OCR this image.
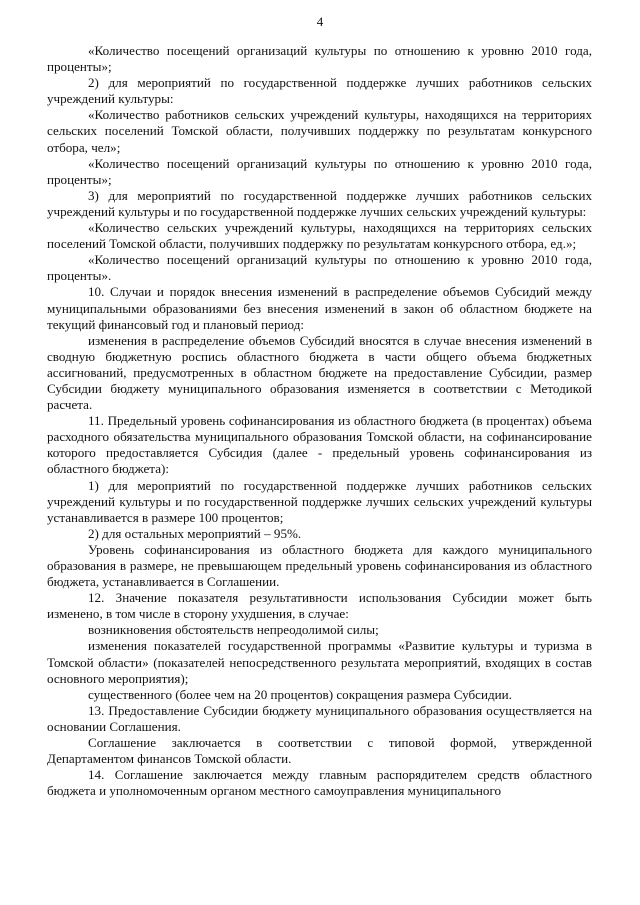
4

«Количество посещений организаций культуры по отношению к уровню 2010 года, проценты»;

2) для мероприятий по государственной поддержке лучших работников сельских учреждений культуры:

«Количество работников сельских учреждений культуры, находящихся на территориях сельских поселений Томской области, получивших поддержку по результатам конкурсного отбора, чел»;

«Количество посещений организаций культуры по отношению к уровню 2010 года, проценты»;

3) для мероприятий по государственной поддержке лучших работников сельских учреждений культуры и по государственной поддержке лучших сельских учреждений культуры:

«Количество сельских учреждений культуры, находящихся на территориях сельских поселений Томской области, получивших поддержку по результатам конкурсного отбора, ед.»;

«Количество посещений организаций культуры по отношению к уровню 2010 года, проценты».

10. Случаи и порядок внесения изменений в распределение объемов Субсидий между муниципальными образованиями без внесения изменений в закон об областном бюджете на текущий финансовый год и плановый период:

изменения в распределение объемов Субсидий вносятся в случае внесения изменений в сводную бюджетную роспись областного бюджета в части общего объема бюджетных ассигнований, предусмотренных в областном бюджете на предоставление Субсидии, размер Субсидии бюджету муниципального образования изменяется в соответствии с Методикой расчета.

11. Предельный уровень софинансирования из областного бюджета (в процентах) объема расходного обязательства муниципального образования Томской области, на софинансирование которого предоставляется Субсидия (далее - предельный уровень софинансирования из областного бюджета):

1) для мероприятий по государственной поддержке лучших работников сельских учреждений культуры и по государственной поддержке лучших сельских учреждений культуры устанавливается в размере 100 процентов;

2) для остальных мероприятий – 95%.

Уровень софинансирования из областного бюджета для каждого муниципального образования в размере, не превышающем предельный уровень софинансирования из областного бюджета, устанавливается в Соглашении.

12. Значение показателя результативности использования Субсидии может быть изменено, в том числе в сторону ухудшения, в случае:

возникновения обстоятельств непреодолимой силы;

изменения показателей государственной программы «Развитие культуры и туризма в Томской области» (показателей непосредственного результата мероприятий, входящих в состав основного мероприятия);

существенного (более чем на 20 процентов) сокращения размера Субсидии.

13. Предоставление Субсидии бюджету муниципального образования осуществляется на основании Соглашения.

Соглашение заключается в соответствии с типовой формой, утвержденной Департаментом финансов Томской области.

14. Соглашение заключается между главным распорядителем средств областного бюджета и уполномоченным органом местного самоуправления муниципального
